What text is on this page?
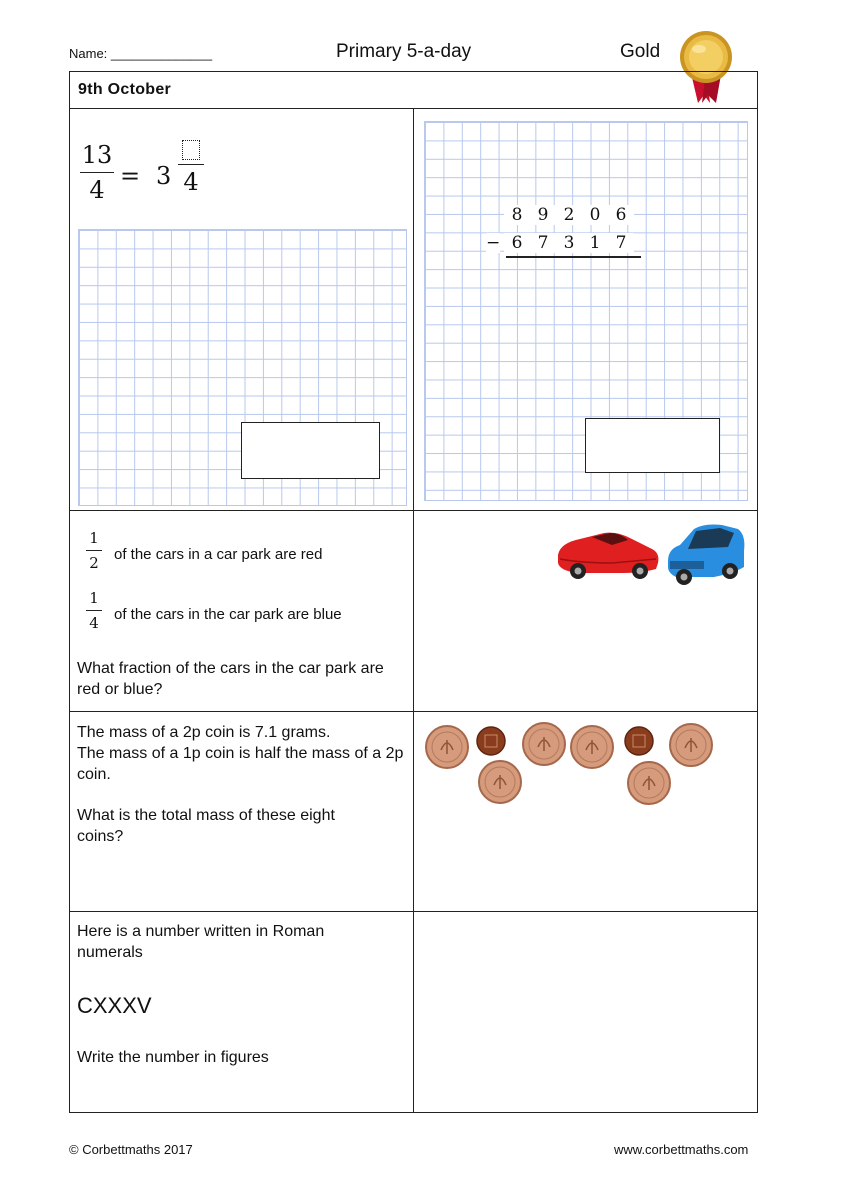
Name: ______________	Primary 5-a-day	Gold
9th October
13
4 = 3 4
8 9 2 0 6
6 7 3 1 7
−
1
2 of the cars in a car park are red
1
4 of the cars in the car park are blue
What fraction of the cars in the car park are red or blue?
The mass of a 2p coin is 7.1 grams.
The mass of a 1p coin is half the mass of a 2p coin.
What is the total mass of these eight coins?
Here is a number written in Roman numerals
CXXXV
Write the number in figures
© Corbettmaths 2017	www.corbettmaths.com
